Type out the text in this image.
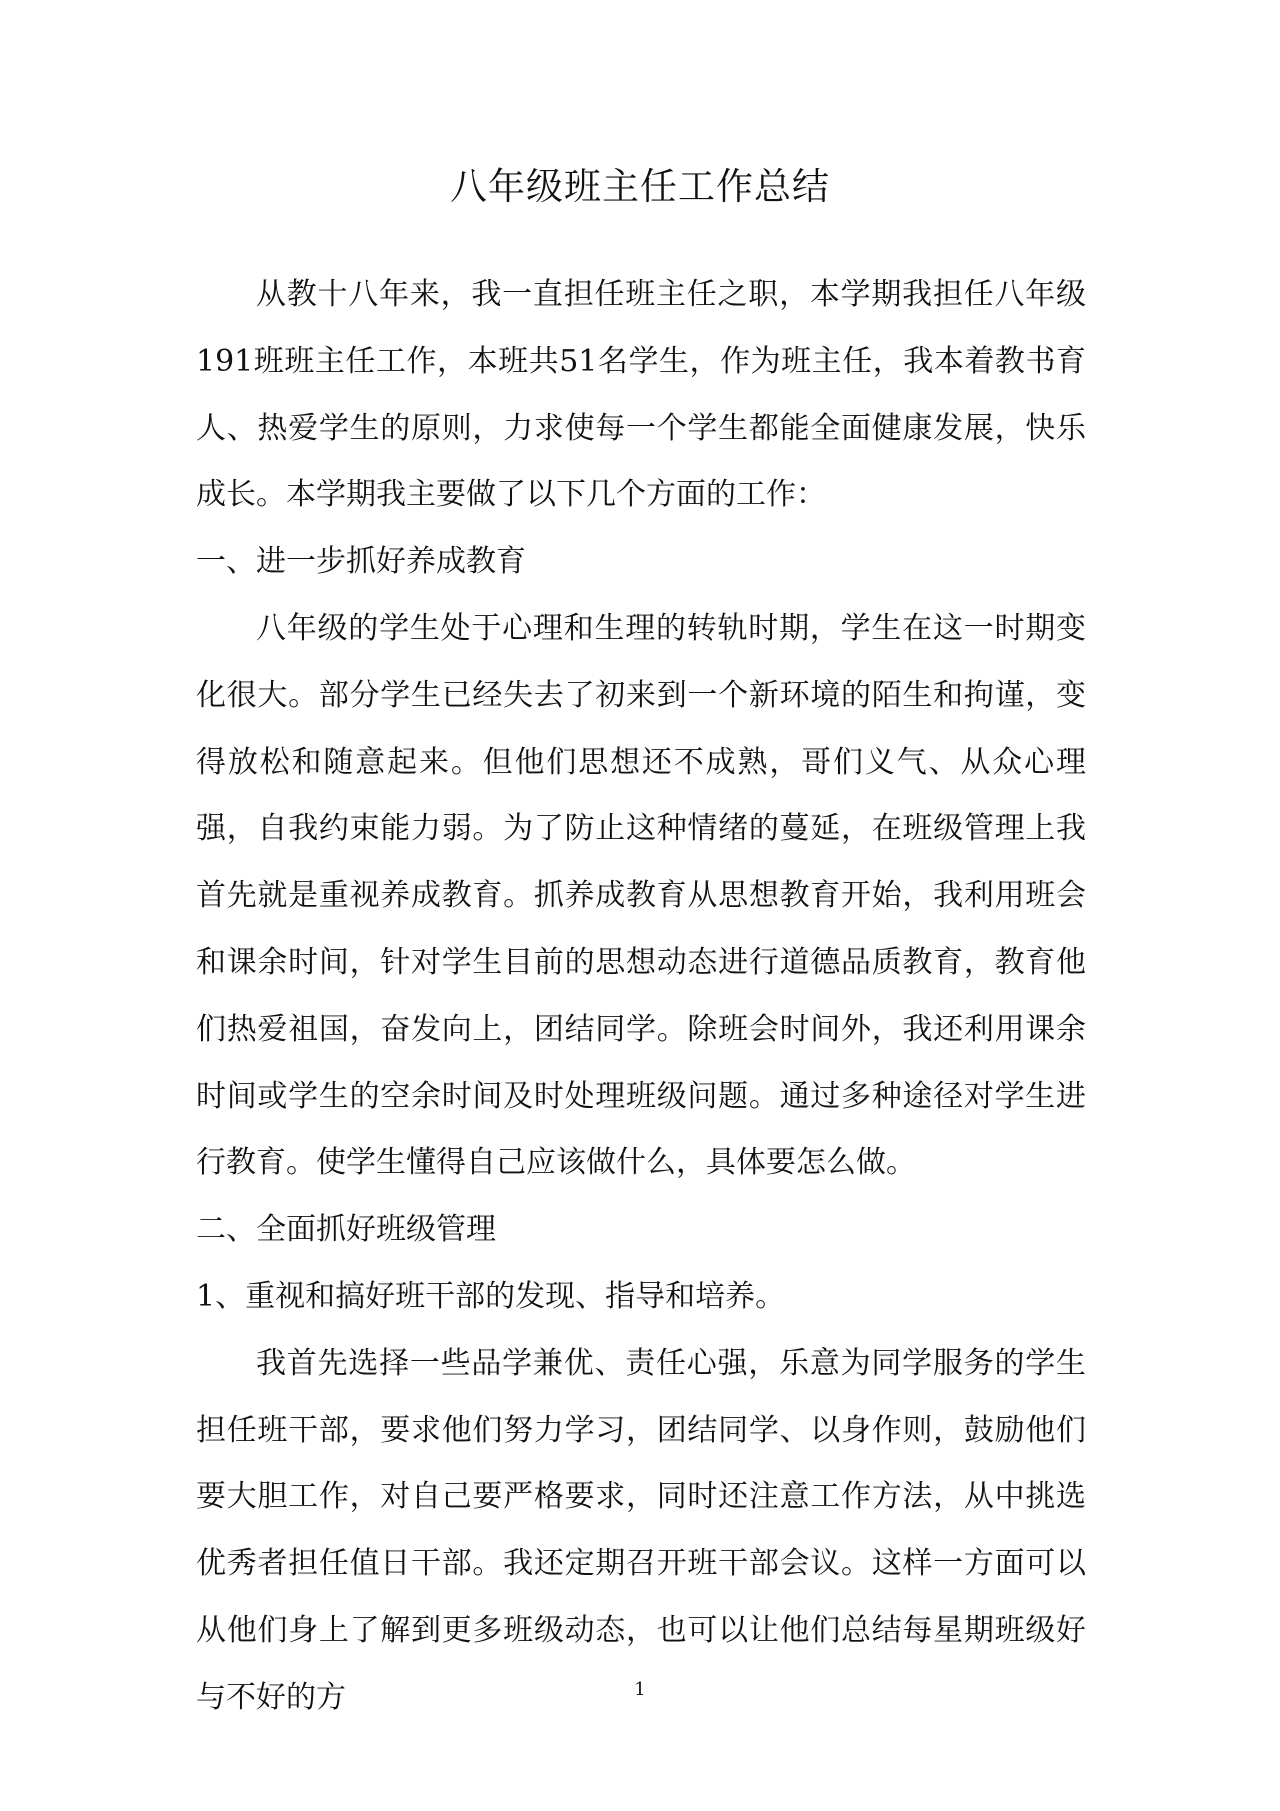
八年级班主任工作总结

从教十八年来，我一直担任班主任之职，本学期我担任八年级191班班主任工作，本班共51名学生，作为班主任，我本着教书育人、热爱学生的原则，力求使每一个学生都能全面健康发展，快乐成长。本学期我主要做了以下几个方面的工作：

一、进一步抓好养成教育

八年级的学生处于心理和生理的转轨时期，学生在这一时期变化很大。部分学生已经失去了初来到一个新环境的陌生和拘谨，变得放松和随意起来。但他们思想还不成熟，哥们义气、从众心理强，自我约束能力弱。为了防止这种情绪的蔓延，在班级管理上我首先就是重视养成教育。抓养成教育从思想教育开始，我利用班会和课余时间，针对学生目前的思想动态进行道德品质教育，教育他们热爱祖国，奋发向上，团结同学。除班会时间外，我还利用课余时间或学生的空余时间及时处理班级问题。通过多种途径对学生进行教育。使学生懂得自己应该做什么，具体要怎么做。

二、全面抓好班级管理

1、重视和搞好班干部的发现、指导和培养。

我首先选择一些品学兼优、责任心强，乐意为同学服务的学生担任班干部，要求他们努力学习，团结同学、以身作则，鼓励他们要大胆工作，对自己要严格要求，同时还注意工作方法，从中挑选优秀者担任值日干部。我还定期召开班干部会议。这样一方面可以从他们身上了解到更多班级动态，也可以让他们总结每星期班级好与不好的方	1
